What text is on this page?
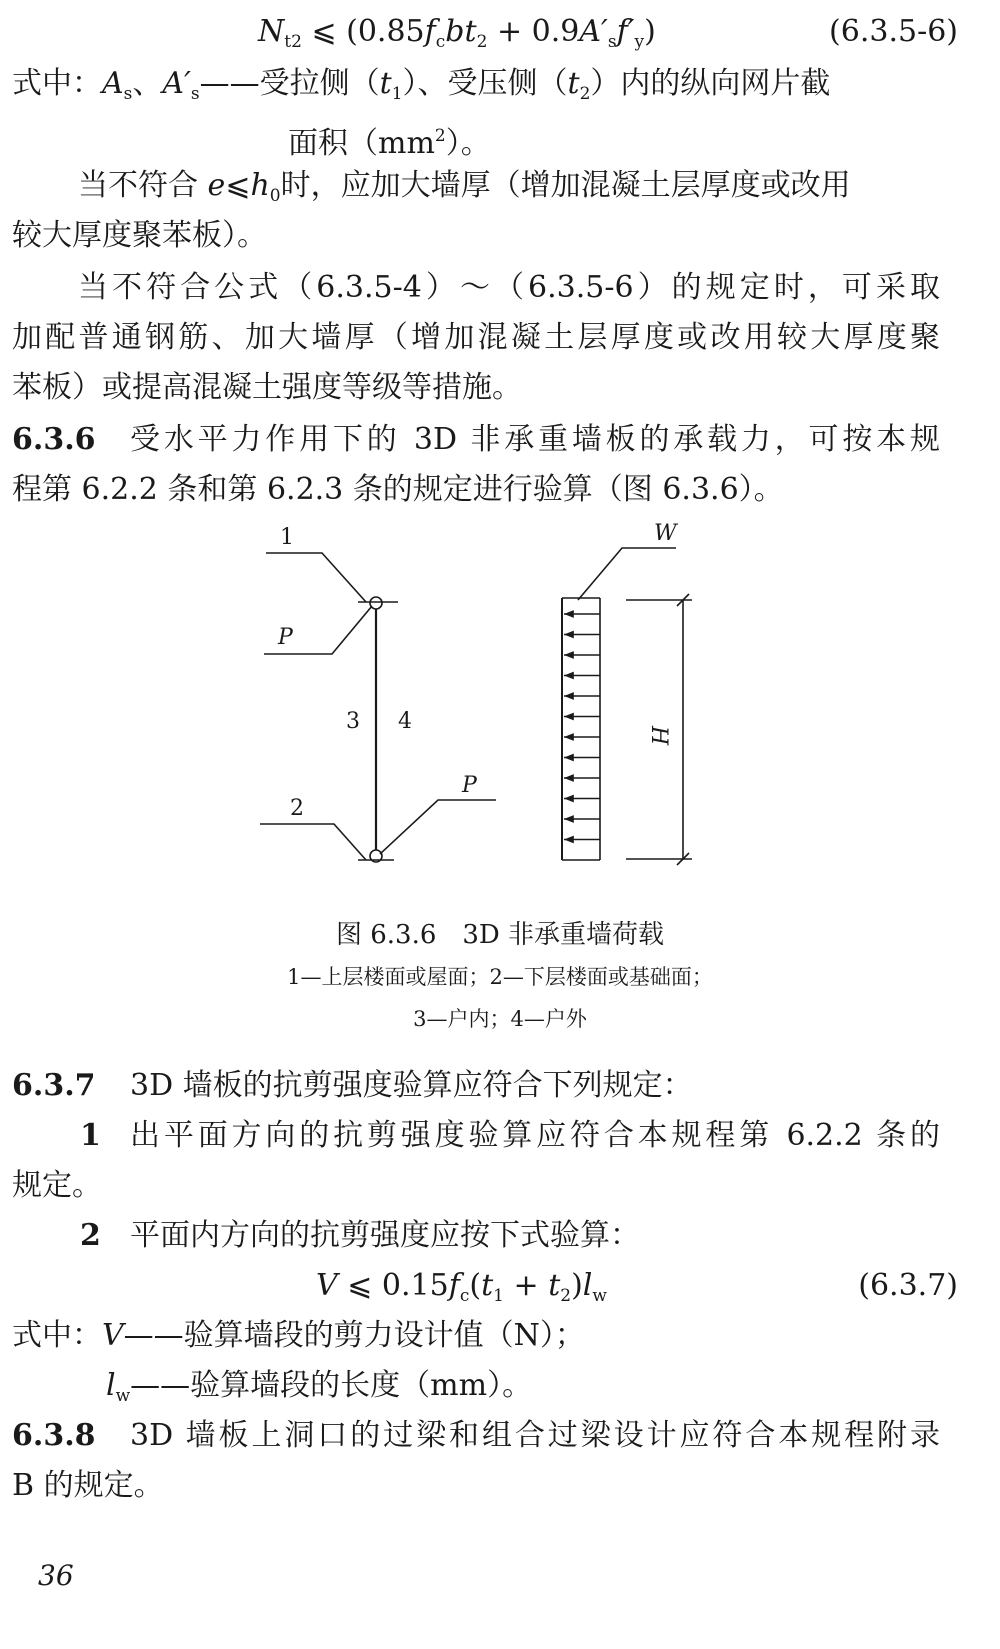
$N_{t2}$ ⩽ $(0.85f_cbt_2 + 0.9A'_sf'_y)$	(6.3.5-6)
式中：$A_s$、$A'_s——$受拉侧$(t_1)$、受压侧$(t_2)$内的纵向网片截
面积$(mm^2)$。
当不符合 $e⩽h_0$时，应加大墙厚（增加混凝土层厚度或改用
较大厚度聚苯板）。
当不符合公式（6.3.5-4）～（6.3.5-6）的规定时，可采取
加配普通钢筋、加大墙厚（增加混凝土层厚度或改用较大厚度聚
苯板）或提高混凝土强度等级等措施。
6.3.6	受水平力作用下的 3D 非承重墙板的承载力，可按本规
程第 6.2.2 条和第 6.2.3 条的规定进行验算（图 6.3.6）。
1
P
3 4
2
P
W
H
图 6.3.6　3D 非承重墙荷载
1—上层楼面或屋面；2—下层楼面或基础面；
3—户内；4—户外
6.3.7	3D 墙板的抗剪强度验算应符合下列规定：
1 出平面方向的抗剪强度验算应符合本规程第 6.2.2 条的
规定。
2 平面内方向的抗剪强度应按下式验算：
V ⩽ $0.15f_c(t_1 + t_2)l_w$	(6.3.7)
式中：V——验算墙段的剪力设计值（N）；
$l_w——$验算墙段的长度（mm）。
6.3.8	3D 墙板上洞口的过梁和组合过梁设计应符合本规程附录
B 的规定。
36
